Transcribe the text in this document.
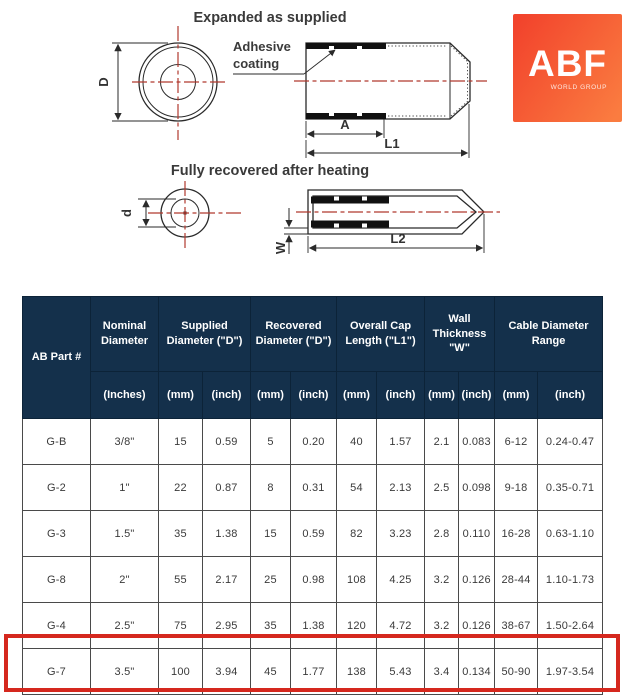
D
A
L1
d
W
L2
Expanded as supplied
Adhesive
coating
Fully recovered after heating
ABF
WORLD GROUP
AB Part #	Nominal Diameter	Supplied Diameter ("D")		Recovered Diameter ("D")		Overall Cap Length ("L1")		Wall Thickness "W"		Cable Diameter Range	
	(Inches)	(mm)	(inch)	(mm)	(inch)	(mm)	(inch)	(mm)	(inch)	(mm)	(inch)
G-B	3/8"	15	0.59	5	0.20	40	1.57	2.1	0.083	6-12	0.24-0.47
G-2	1"	22	0.87	8	0.31	54	2.13	2.5	0.098	9-18	0.35-0.71
G-3	1.5"	35	1.38	15	0.59	82	3.23	2.8	0.110	16-28	0.63-1.10
G-8	2"	55	2.17	25	0.98	108	4.25	3.2	0.126	28-44	1.10-1.73
G-4	2.5"	75	2.95	35	1.38	120	4.72	3.2	0.126	38-67	1.50-2.64
G-7	3.5"	100	3.94	45	1.77	138	5.43	3.4	0.134	50-90	1.97-3.54
